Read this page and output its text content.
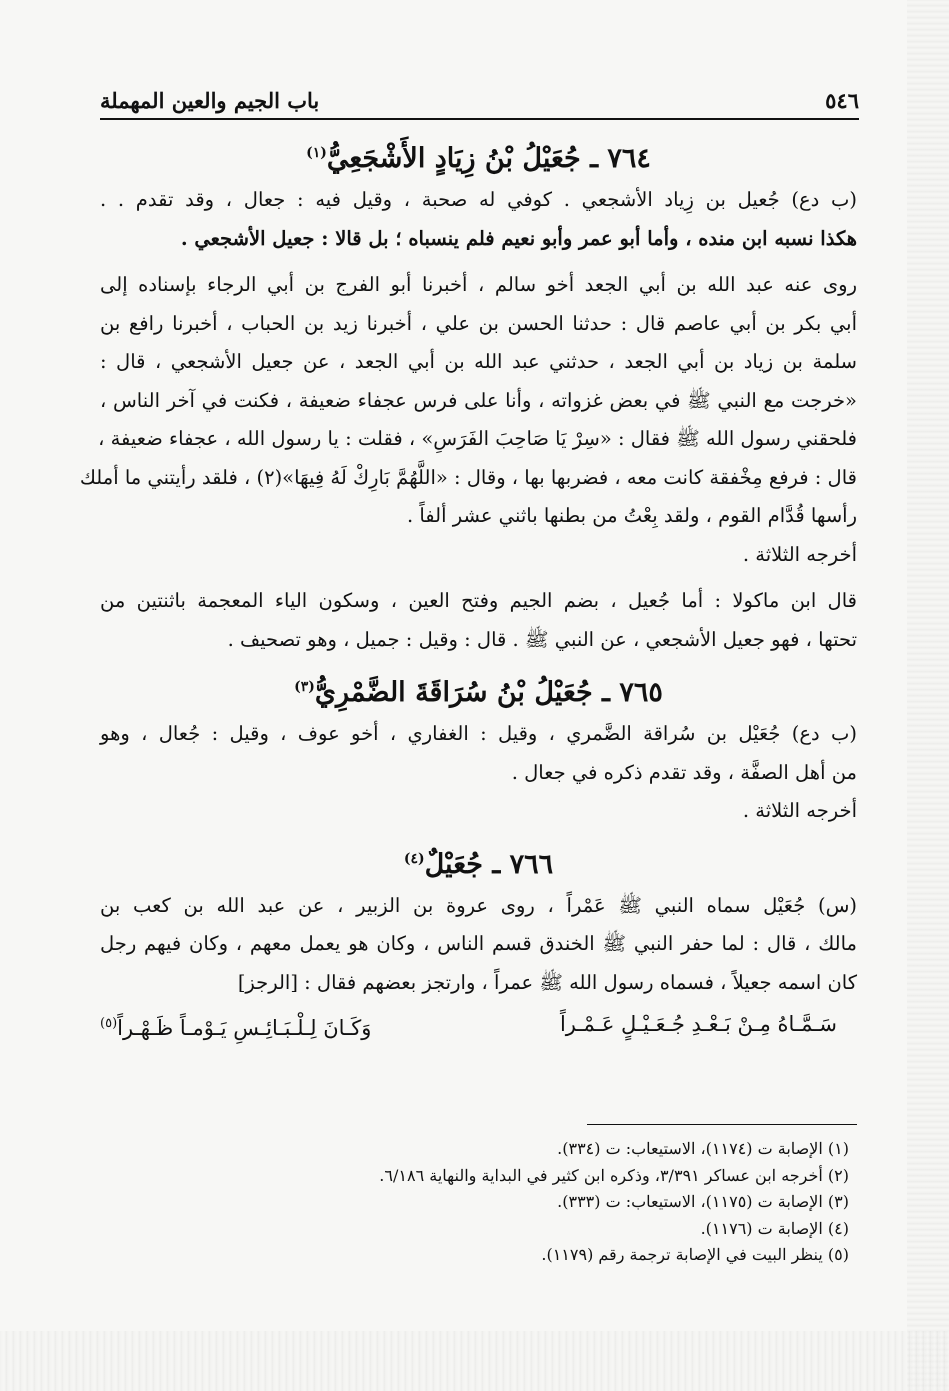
٥٤٦
باب الجيم والعين المهملة
٧٦٤ ـ جُعَيْلُ بْنُ زِيَادٍ الأَشْجَعِيُّ$^{(١)}$

(ب دع) جُعيل بن زِياد الأشجعي . كوفي له صحبة ، وقيل فيه : جعال ، وقد تقدم . .

هكذا نسبه ابن منده ، وأما أبو عمر وأبو نعيم فلم ينسباه ؛ بل قالا : جعيل الأشجعي .

روى عنه عبد الله بن أبي الجعد أخو سالم ، أخبرنا أبو الفرج بن أبي الرجاء بإسناده إلى

أبي بكر بن أبي عاصم قال : حدثنا الحسن بن علي ، أخبرنا زيد بن الحباب ، أخبرنا رافع بن

سلمة بن زياد بن أبي الجعد ، حدثني عبد الله بن أبي الجعد ، عن جعيل الأشجعي ، قال :

«خرجت مع النبي ﷺ في بعض غزواته ، وأنا على فرس عجفاء ضعيفة ، فكنت في آخر الناس ،

فلحقني رسول الله ﷺ فقال : «سِرْ يَا صَاحِبَ الفَرَسِ» ، فقلت : يا رسول الله ، عجفاء ضعيفة ،

قال : فرفع مِخْفقة كانت معه ، فضربها بها ، وقال : «اللَّهُمَّ بَارِكْ لَهُ فِيهَا»(٢) ، فلقد رأيتني ما أملك

رأسها قُدَّام القوم ، ولقد بِعْتُ من بطنها باثني عشر ألفاً .

أخرجه الثلاثة .

قال ابن ماكولا : أما جُعيل ، بضم الجيم وفتح العين ، وسكون الياء المعجمة باثنتين من

تحتها ، فهو جعيل الأشجعي ، عن النبي ﷺ . قال : وقيل : جميل ، وهو تصحيف .

٧٦٥ ـ جُعَيْلُ بْنُ سُرَاقَةَ الضَّمْرِيُّ$^{(٣)}$

(ب دع) جُعَيْل بن سُراقة الضَّمري ، وقيل : الغفاري ، أخو عوف ، وقيل : جُعال ، وهو

من أهل الصفَّة ، وقد تقدم ذكره في جعال .

أخرجه الثلاثة .

٧٦٦ ـ جُعَيْلٌ$^{(٤)}$

(س) جُعَيْل سماه النبي ﷺ عَمْراً ، روى عروة بن الزبير ، عن عبد الله بن كعب بن

مالك ، قال : لما حفر النبي ﷺ الخندق قسم الناس ، وكان هو يعمل معهم ، وكان فيهم رجل

كان اسمه جعيلاً ، فسماه رسول الله ﷺ عمراً ، وارتجز بعضهم فقال : [الرجز]

سَـمَّـاهُ مِـنْ بَـعْـدِ جُـعَـيْـلٍ عَـمْـراً
وَكَـانَ لِـلْـبَـائِـسِ يَـوْمـاً ظَـهْـراً$^{(٥)}$

(١) الإصابة ت (١١٧٤)، الاستيعاب: ت (٣٣٤).

(٢) أخرجه ابن عساكر ٣/٣٩١، وذكره ابن كثير في البداية والنهاية ٦/١٨٦.

(٣) الإصابة ت (١١٧٥)، الاستيعاب: ت (٣٣٣).

(٤) الإصابة ت (١١٧٦).

(٥) ينظر البيت في الإصابة ترجمة رقم (١١٧٩).
